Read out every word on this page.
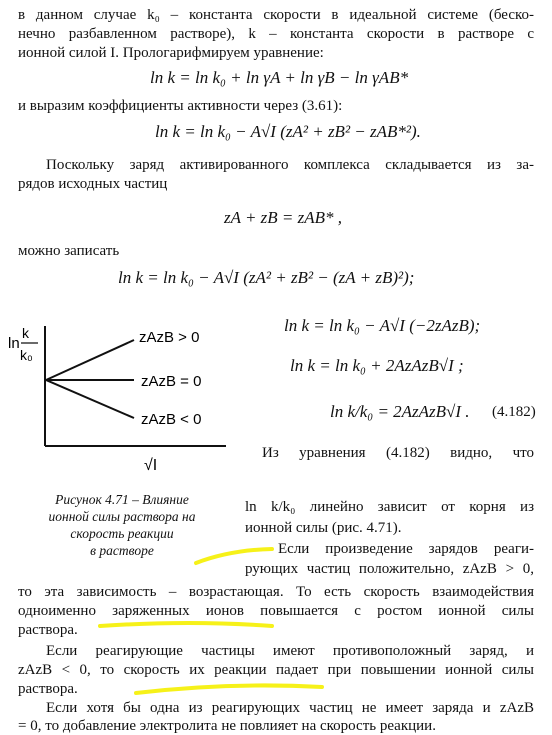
в данном случае k₀ – константа скорости в идеальной системе (беско-
нечно разбавленном растворе), k – константа скорости в растворе с
ионной силой I. Прологарифмируем уравнение:
ln k = ln k₀ + ln γA + ln γB − ln γAB*
и выразим коэффициенты активности через (3.61):
ln k = ln k₀ − A√I (zA² + zB² − zAB*²).
Поскольку заряд активированного комплекса складывается из за-
рядов исходных частиц
zA + zB = zAB* ,
можно записать
ln k = ln k₀ − A√I (zA² + zB² − (zA + zB)²);
ln k = ln k₀ − A√I (−2zAzB);
ln k = ln k₀ + 2AzAzB√I ;
ln k/k₀ = 2AzAzB√I . (4.182)
ln
k
k₀
zAzB > 0
zAzB = 0
zAzB < 0
√I
Рисунок 4.71 – Влияние
ионной силы раствора на
скорость реакции
в растворе
Из уравнения (4.182) видно, что
ln k/k₀ линейно зависит от корня из
ионной силы (рис. 4.71).
Если произведение зарядов реаги-
рующих частиц положительно, zAzB > 0,
то эта зависимость – возрастающая. То есть скорость взаимодействия
одноименно заряженных ионов повышается с ростом ионной силы
раствора.
Если реагирующие частицы имеют противоположный заряд, и
zAzB < 0, то скорость их реакции падает при повышении ионной силы
раствора.
Если хотя бы одна из реагирующих частиц не имеет заряда и zAzB
= 0, то добавление электролита не повлияет на скорость реакции.
